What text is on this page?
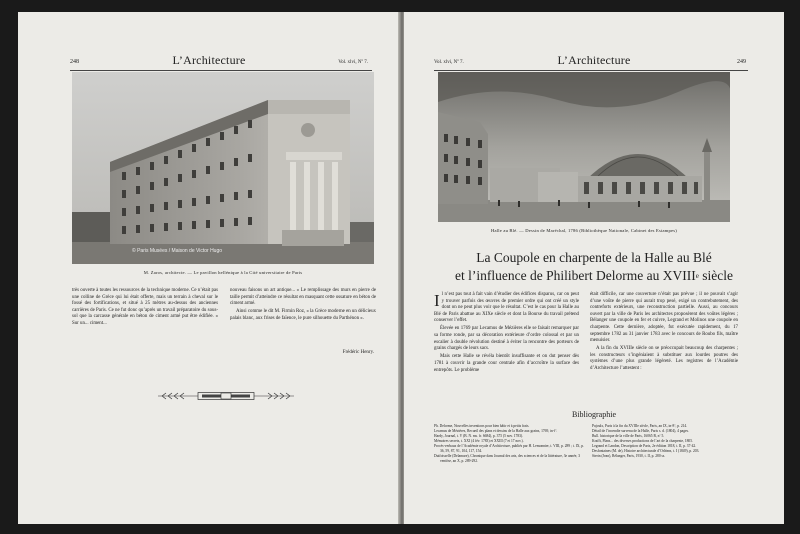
248	L’Architecture	Vol. xlvi, Nº 7.
© Paris Musées / Maison de Victor Hugo
M. Zaros, architecte. — Le pavillon hellénique à la Cité universitaire de Paris

très ouverte à toutes les ressources de la technique moderne. Ce n’était pas une colline de Grèce qui lui était offerte, mais un terrain à cheval sur le fossé des fortifications, et situé à 25 mètres au-dessus des anciennes carrières de Paris. Ce ne fut donc qu’après un travail préparatoire du sous-sol que la carcasse générale en béton de ciment armé put être édifiée. « Sur un... ciment...

nouveau faisons un art antique... » Le remplissage des murs en pierre de taille permit d’atteindre ce résultat en masquant cette ossature en béton de ciment armé.

Ainsi comme le dit M. Firmin Roz, « la Grèce moderne en un délicieux palais blanc, aux frises de faïence, le pure silhouette du Parthénon ».

Frédéric Henry.
Vol. xlvi, Nº 7.	L’Architecture	249
Halle au Blé. — Dessin de Maréchal, 1786 (Bibliothèque Nationale, Cabinet des Estampes)
La Coupole en charpente de la Halle au Blé
et l’influence de Philibert Delorme au XVIIIe siècle

Il n’est pas tout à fait vain d’étudier des édifices disparus, car on peut y trouver parfois des œuvres de premier ordre qui ont créé un style dont on ne peut plus voir que le résultat. C’est le cas pour la Halle au Blé de Paris abattue au XIXe siècle et dont la Bourse du travail prétend conserver l’effet.

Élevée en 1769 par Lecamus de Mézières elle se faisait remarquer par sa forme ronde, par sa décoration extérieure d’ordre colossal et par un escalier à double révolution destiné à éviter la rencontre des porteurs de grains chargés de leurs sacs.

Mais cette Halle se révéla bientôt insuffisante et on dut penser dès 1781 à couvrir la grande cour centrale afin d’accroître la surface des entrepôts. Le problème

était difficile, car une couverture n’était pas prévue ; il ne pouvait s’agir d’une voûte de pierre qui aurait trop pesé, exigé un contrebutement, des contreforts extérieurs, une reconstruction partielle. Aussi, au concours ouvert par la ville de Paris les architectes proposèrent des voûtes légères ; Bélanger une coupole en fer et cuivre, Legrand et Molinos une coupole en charpente. Cette dernière, adoptée, fut exécutée rapidement, du 17 septembre 1782 au 31 janvier 1783 avec le concours de Roubo fils, maître menuisier.

A la fin du XVIIIe siècle on se préoccupait beaucoup des charpentes ; les constructeurs s’ingéniaient à substituer aux lourdes poutres des systèmes d’une plus grande légèreté. Les registres de l’Académie d’Architecture l’attestent :

Bibliographie
Ph. Delorme, Nouvelles inventions pour bien bâtir et à petits frais.
Lecamus de Mézières, Recueil des plans et dessins de la Halle aux grains, 1769, in-fº.
Hardy, Journal, t. V (B. N. ms. fr. 6684), p. 375 (5 nov. 1783).
Mémoires secrets, t. XXI (4 fév. 1783) et XXIII (7 et 17 nov.).
Procès-verbaux de l’Académie royale d’Architecture, publiés par H. Lemonnier, t. VIII, p. 289 ; t. IX, p. 36, 59, 87, 91, 104, 117, 154.
Dutfoisselle (Delamare), Chronique dans Journal des arts, des sciences et de la littérature, 3e année, 3 ventôse, an X, p. 289-292.
Pujoulx, Paris à la fin du XVIIIe siècle, Paris, an IX, in-8º, p. 214.
Détail de l’incendie survenu de la Halle, Paris s. d. (1804), 4 pages.
Bull. historique de la ville de Paris, 16065 B, nº 5.
Krafft, Plans... des diverses productions de l’art de la charpente, 1805.
Legrand et Landon, Description de Paris, 2e édition 1818, t. II, p. 37-42.
Desfontaines (M. de), Histoire architecturale d’Orléans, t. I (1849), p. 203.
Sterin (Jean), Bélanger, Paris, 1930, t. II, p. 280 ss.
